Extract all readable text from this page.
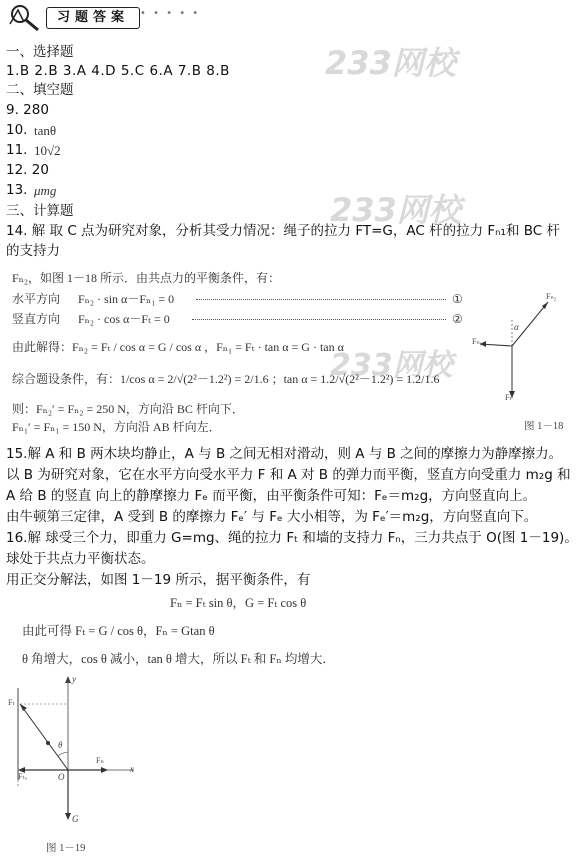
习题答案	• • • • •
233网校
233网校
233网校
一、选择题
1.B 2.B 3.A 4.D 5.C 6.A 7.B 8.B
二、填空题
9. 280
10. tanθ
11. 10√2
12. 20
13. μmg
三、计算题
14. 解 取 C 点为研究对象，分析其受力情况：绳子的拉力 FT=G，AC 杆的拉力 Fₙ₁和 BC 杆
的支持力
Fₙ₂，如图 1－18 所示．由共点力的平衡条件，有：
水平方向 Fₙ₂ · sin α－Fₙ₁ = 0	①
竖直方向 Fₙ₂ · cos α－Fₜ = 0	②
由此解得：Fₙ₂ = Fₜ / cos α = G / cos α ，Fₙ₁ = Fₜ · tan α = G · tan α
综合题设条件，有：1/cos α = 2/√(2²－1.2²) = 2/1.6 ；tan α = 1.2/√(2²－1.2²) = 1.2/1.6
则：Fₙ₂′ = Fₙ₂ = 250 N，方向沿 BC 杆向下．
Fₙ₁′ = Fₙ₁ = 150 N，方向沿 AB 杆向左．
Fₙ₂
Fₙ₁
α
Fₜ
图 1－18
15.解 A 和 B 两木块均静止，A 与 B 之间无相对滑动，则 A 与 B 之间的摩擦力为静摩擦力。
以 B 为研究对象，它在水平方向受水平力 F 和 A 对 B 的弹力而平衡，竖直方向受重力 m₂g 和
A 给 B 的竖直 向上的静摩擦力 Fₑ 而平衡，由平衡条件可知：Fₑ＝m₂g，方向竖直向上。
由牛顿第三定律，A 受到 B 的摩擦力 Fₑ′ 与 Fₑ 大小相等，为 Fₑ′＝m₂g，方向竖直向下。
16.解 球受三个力，即重力 G=mg、绳的拉力 Fₜ 和墙的支持力 Fₙ，三力共点于 O(图 1－19)。
球处于共点力平衡状态。
用正交分解法，如图 1－19 所示，据平衡条件，有
Fₙ = Fₜ sin θ，G = Fₜ cos θ
由此可得 Fₜ = G / cos θ，Fₙ = Gtan θ
θ 角增大，cos θ 减小，tan θ 增大，所以 Fₜ 和 Fₙ 均增大．
y
x
Fₜ
θ
Fₙ
O
Fₜₓ
G
图 1－19
